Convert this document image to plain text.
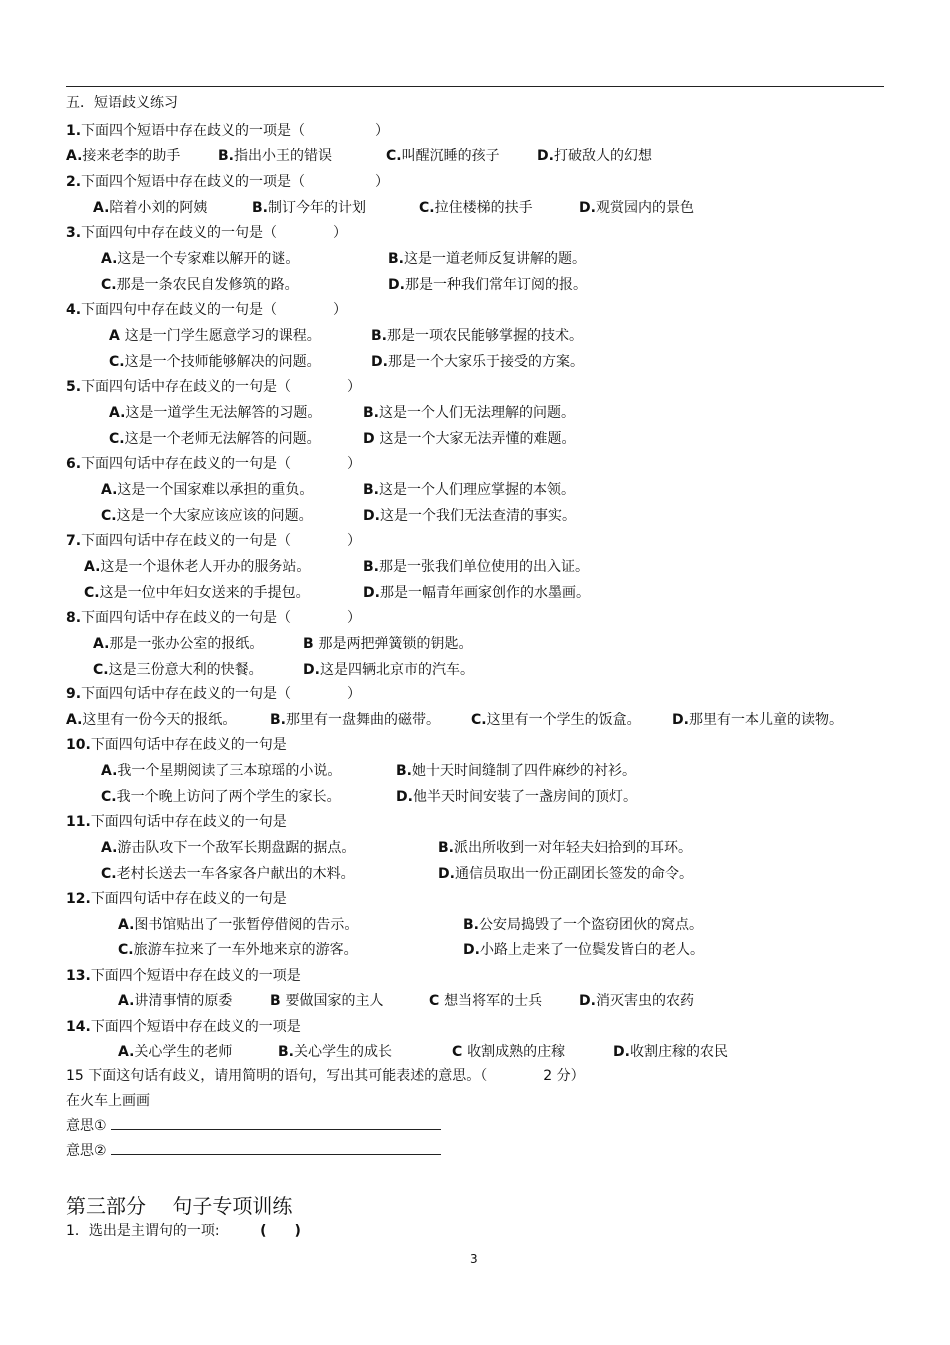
五．短语歧义练习
1.下面四个短语中存在歧义的一项是（　　　　　）
A.接来老李的助手	B.指出小王的错误	C.叫醒沉睡的孩子	D.打破敌人的幻想
2.下面四个短语中存在歧义的一项是（　　　　　）
A.陪着小刘的阿姨	B.制订今年的计划	C.拉住楼梯的扶手	D.观赏园内的景色
3.下面四句中存在歧义的一句是（　　　　）
A.这是一个专家难以解开的谜。	B.这是一道老师反复讲解的题。
C.那是一条农民自发修筑的路。	D.那是一种我们常年订阅的报。
4.下面四句中存在歧义的一句是（　　　　）
A 这是一门学生愿意学习的课程。	B.那是一项农民能够掌握的技术。
C.这是一个技师能够解决的问题。	D.那是一个大家乐于接受的方案。
5.下面四句话中存在歧义的一句是（　　　　）
A.这是一道学生无法解答的习题。	B.这是一个人们无法理解的问题。
C.这是一个老师无法解答的问题。	D 这是一个大家无法弄懂的难题。
6.下面四句话中存在歧义的一句是（　　　　）
A.这是一个国家难以承担的重负。	B.这是一个人们理应掌握的本领。
C.这是一个大家应该应该的问题。	D.这是一个我们无法查清的事实。
7.下面四句话中存在歧义的一句是（　　　　）
A.这是一个退休老人开办的服务站。	B.那是一张我们单位使用的出入证。
C.这是一位中年妇女送来的手提包。	D.那是一幅青年画家创作的水墨画。
8.下面四句话中存在歧义的一句是（　　　　）
A.那是一张办公室的报纸。	B 那是两把弹簧锁的钥匙。
C.这是三份意大利的快餐。	D.这是四辆北京市的汽车。
9.下面四句话中存在歧义的一句是（　　　　）
A.这里有一份今天的报纸。 B.那里有一盘舞曲的磁带。 C.这里有一个学生的饭盒。 D.那里有一本儿童的读物。
10.下面四句话中存在歧义的一句是
A.我一个星期阅读了三本琼瑶的小说。	B.她十天时间缝制了四件麻纱的衬衫。
C.我一个晚上访问了两个学生的家长。	D.他半天时间安装了一盏房间的顶灯。
11.下面四句话中存在歧义的一句是
A.游击队攻下一个敌军长期盘踞的据点。	B.派出所收到一对年轻夫妇拾到的耳环。
C.老村长送去一车各家各户献出的木料。	D.通信员取出一份正副团长签发的命令。
12.下面四句话中存在歧义的一句是
A.图书馆贴出了一张暂停借阅的告示。	B.公安局捣毁了一个盗窃团伙的窝点。
C.旅游车拉来了一车外地来京的游客。	D.小路上走来了一位鬓发皆白的老人。
13.下面四个短语中存在歧义的一项是
A.讲清事情的原委	B 要做国家的主人	C 想当将军的士兵	D.消灭害虫的农药
14.下面四个短语中存在歧义的一项是
A.关心学生的老师	B.关心学生的成长	C 收割成熟的庄稼	D.收割庄稼的农民
15 下面这句话有歧义，请用简明的语句，写出其可能表述的意思。（　　　　2 分）
在火车上画画
意思①
意思②
第三部分　 句子专项训练
1．选出是主谓句的一项:	(　　)
3
